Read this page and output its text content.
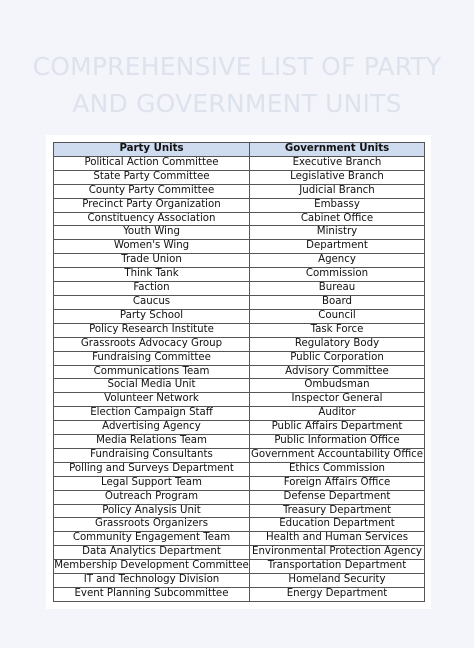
COMPREHENSIVE LIST OF PARTY
AND GOVERNMENT UNITS
Party Units	Government Units
Political Action Committee	Executive Branch
State Party Committee	Legislative Branch
County Party Committee	Judicial Branch
Precinct Party Organization	Embassy
Constituency Association	Cabinet Office
Youth Wing	Ministry
Women's Wing	Department
Trade Union	Agency
Think Tank	Commission
Faction	Bureau
Caucus	Board
Party School	Council
Policy Research Institute	Task Force
Grassroots Advocacy Group	Regulatory Body
Fundraising Committee	Public Corporation
Communications Team	Advisory Committee
Social Media Unit	Ombudsman
Volunteer Network	Inspector General
Election Campaign Staff	Auditor
Advertising Agency	Public Affairs Department
Media Relations Team	Public Information Office
Fundraising Consultants	Government Accountability Office
Polling and Surveys Department	Ethics Commission
Legal Support Team	Foreign Affairs Office
Outreach Program	Defense Department
Policy Analysis Unit	Treasury Department
Grassroots Organizers	Education Department
Community Engagement Team	Health and Human Services
Data Analytics Department	Environmental Protection Agency
Membership Development Committee	Transportation Department
IT and Technology Division	Homeland Security
Event Planning Subcommittee	Energy Department
